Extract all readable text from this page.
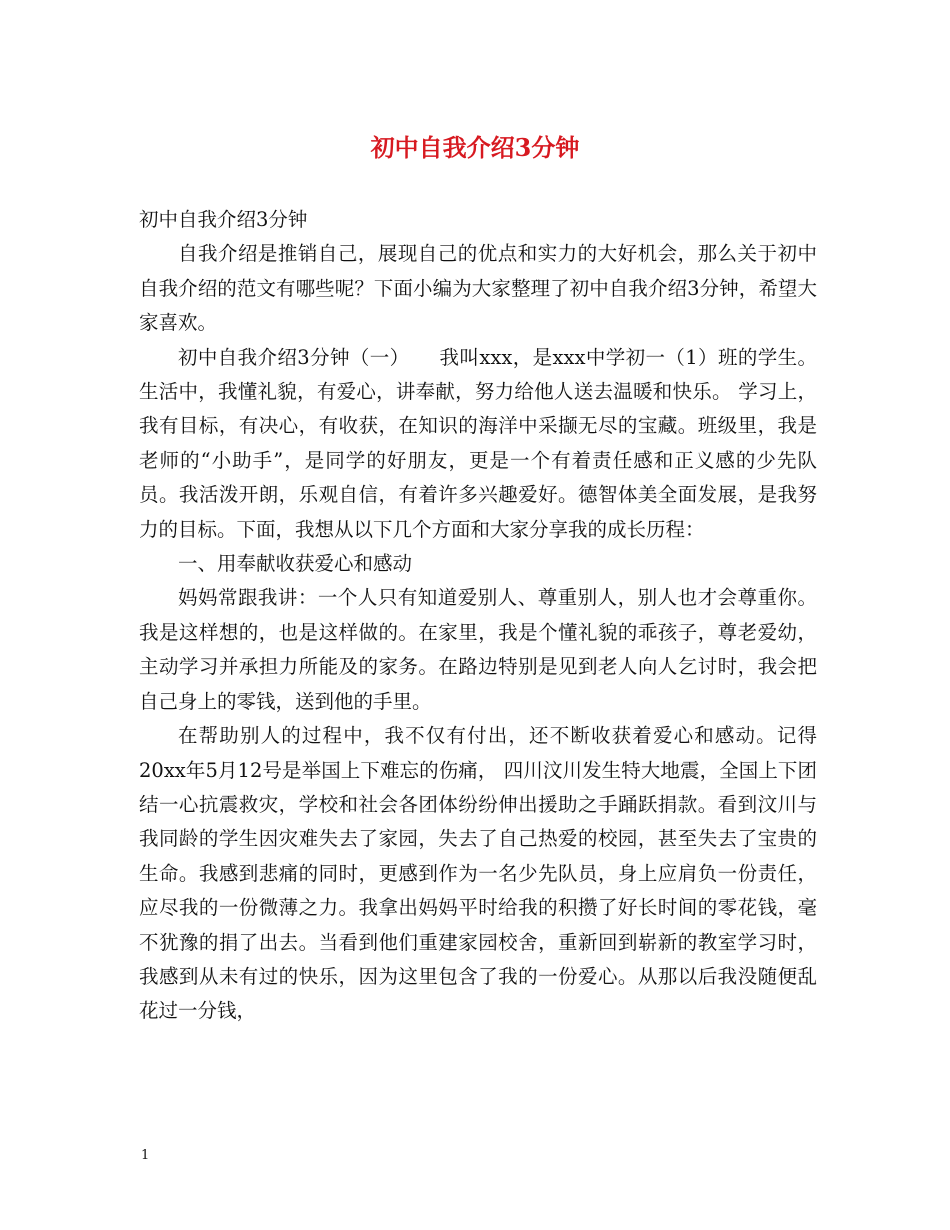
初中自我介绍3分钟

初中自我介绍3分钟

自我介绍是推销自己，展现自己的优点和实力的大好机会，那么关于初中自我介绍的范文有哪些呢？下面小编为大家整理了初中自我介绍3分钟，希望大家喜欢。

初中自我介绍3分钟（一）　　我叫xxx，是xxx中学初一（1）班的学生。生活中，我懂礼貌，有爱心，讲奉献，努力给他人送去温暖和快乐。 学习上，我有目标，有决心，有收获，在知识的海洋中采撷无尽的宝藏。班级里，我是老师的“小助手”，是同学的好朋友，更是一个有着责任感和正义感的少先队员。我活泼开朗，乐观自信，有着许多兴趣爱好。德智体美全面发展，是我努力的目标。下面，我想从以下几个方面和大家分享我的成长历程：

一、用奉献收获爱心和感动

妈妈常跟我讲：一个人只有知道爱别人、尊重别人，别人也才会尊重你。我是这样想的，也是这样做的。在家里，我是个懂礼貌的乖孩子，尊老爱幼，主动学习并承担力所能及的家务。在路边特别是见到老人向人乞讨时，我会把自己身上的零钱，送到他的手里。

在帮助别人的过程中，我不仅有付出，还不断收获着爱心和感动。记得20xx年5月12号是举国上下难忘的伤痛， 四川汶川发生特大地震，全国上下团结一心抗震救灾，学校和社会各团体纷纷伸出援助之手踊跃捐款。看到汶川与我同龄的学生因灾难失去了家园，失去了自己热爱的校园，甚至失去了宝贵的生命。我感到悲痛的同时，更感到作为一名少先队员，身上应肩负一份责任，应尽我的一份微薄之力。我拿出妈妈平时给我的积攒了好长时间的零花钱，毫不犹豫的捐了出去。当看到他们重建家园校舍，重新回到崭新的教室学习时，我感到从未有过的快乐，因为这里包含了我的一份爱心。从那以后我没随便乱花过一分钱，

1
